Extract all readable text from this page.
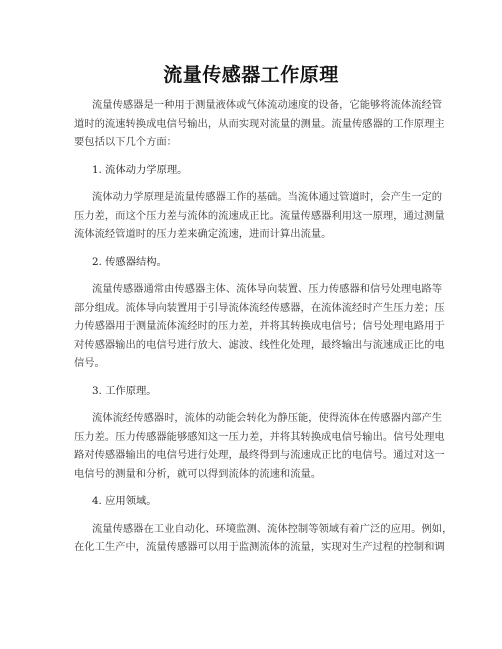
流量传感器工作原理

流量传感器是一种用于测量液体或气体流动速度的设备，它能够将流体流经管
道时的流速转换成电信号输出，从而实现对流量的测量。流量传感器的工作原理主
要包括以下几个方面：

1. 流体动力学原理。

流体动力学原理是流量传感器工作的基础。当流体通过管道时，会产生一定的
压力差，而这个压力差与流体的流速成正比。流量传感器利用这一原理，通过测量
流体流经管道时的压力差来确定流速，进而计算出流量。

2. 传感器结构。

流量传感器通常由传感器主体、流体导向装置、压力传感器和信号处理电路等
部分组成。流体导向装置用于引导流体流经传感器，在流体流经时产生压力差；压
力传感器用于测量流体流经时的压力差，并将其转换成电信号；信号处理电路用于
对传感器输出的电信号进行放大、滤波、线性化处理，最终输出与流速成正比的电
信号。

3. 工作原理。

流体流经传感器时，流体的动能会转化为静压能，使得流体在传感器内部产生
压力差。压力传感器能够感知这一压力差，并将其转换成电信号输出。信号处理电
路对传感器输出的电信号进行处理，最终得到与流速成正比的电信号。通过对这一
电信号的测量和分析，就可以得到流体的流速和流量。

4. 应用领域。

流量传感器在工业自动化、环境监测、流体控制等领域有着广泛的应用。例如，
在化工生产中，流量传感器可以用于监测流体的流量，实现对生产过程的控制和调
